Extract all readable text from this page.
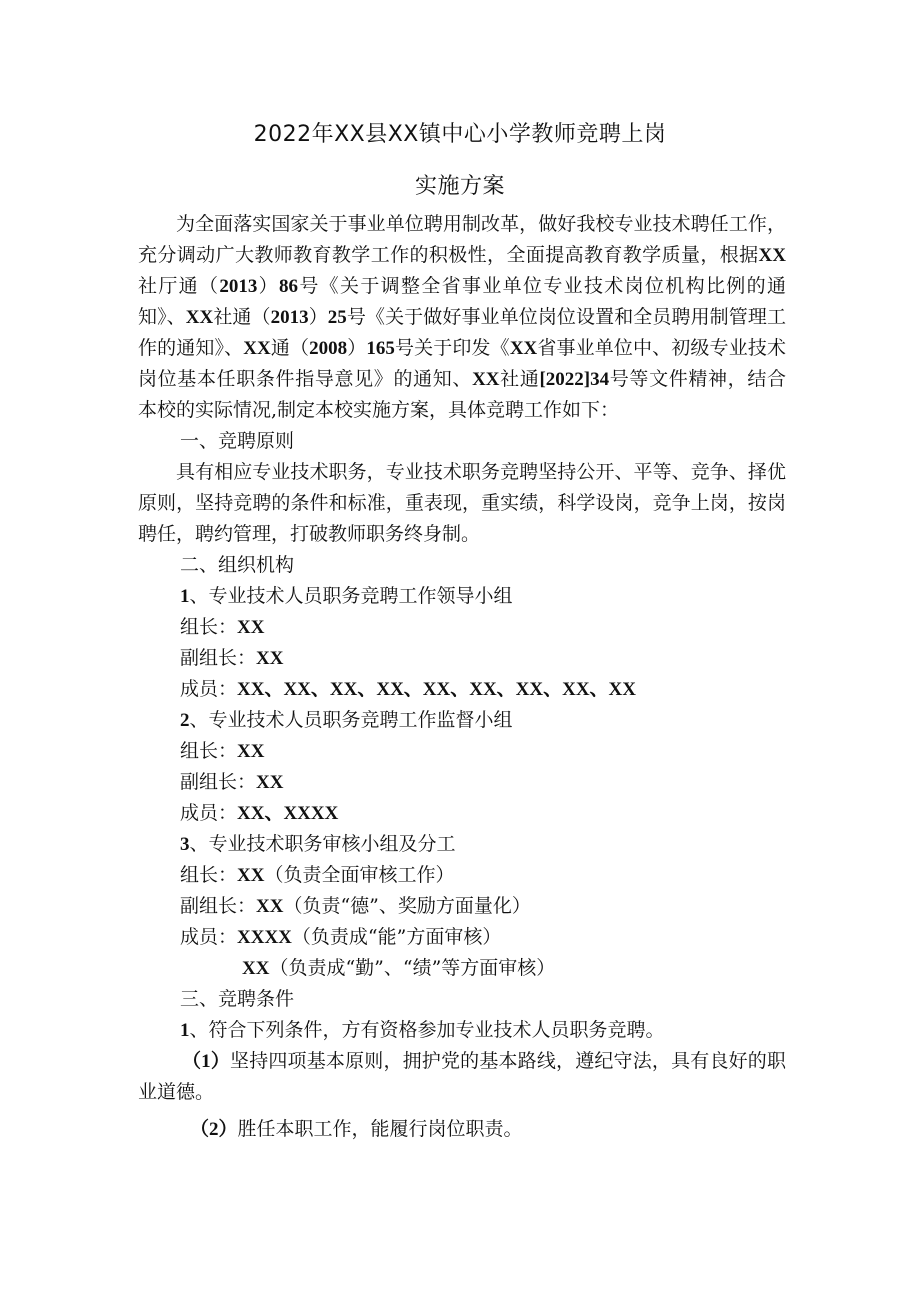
2022年XX县XX镇中心小学教师竞聘上岗
实施方案

为全面落实国家关于事业单位聘用制改革，做好我校专业技术聘任工作，充分调动广大教师教育教学工作的积极性，全面提高教育教学质量，根据XX社厅通（2013）86号《关于调整全省事业单位专业技术岗位机构比例的通知》、XX社通（2013）25号《关于做好事业单位岗位设置和全员聘用制管理工作的通知》、XX通（2008）165号关于印发《XX省事业单位中、初级专业技术岗位基本任职条件指导意见》的通知、XX社通[2022]34号等文件精神，结合本校的实际情况,制定本校实施方案，具体竞聘工作如下：

一、竞聘原则

具有相应专业技术职务，专业技术职务竞聘坚持公开、平等、竞争、择优原则，坚持竞聘的条件和标准，重表现，重实绩，科学设岗，竞争上岗，按岗聘任，聘约管理，打破教师职务终身制。

二、组织机构

1、专业技术人员职务竞聘工作领导小组

组长：XX

副组长：XX

成员：XX、XX、XX、XX、XX、XX、XX、XX、XX

2、专业技术人员职务竞聘工作监督小组

组长：XX

副组长：XX

成员：XX、XXXX

3、专业技术职务审核小组及分工

组长：XX（负责全面审核工作）

副组长：XX（负责“德”、奖励方面量化）

成员：XXXX（负责成“能”方面审核）

XX（负责成“勤”、“绩”等方面审核）

三、竞聘条件

1、符合下列条件，方有资格参加专业技术人员职务竞聘。

（1）坚持四项基本原则，拥护党的基本路线，遵纪守法，具有良好的职业道德。

（2）胜任本职工作，能履行岗位职责。
